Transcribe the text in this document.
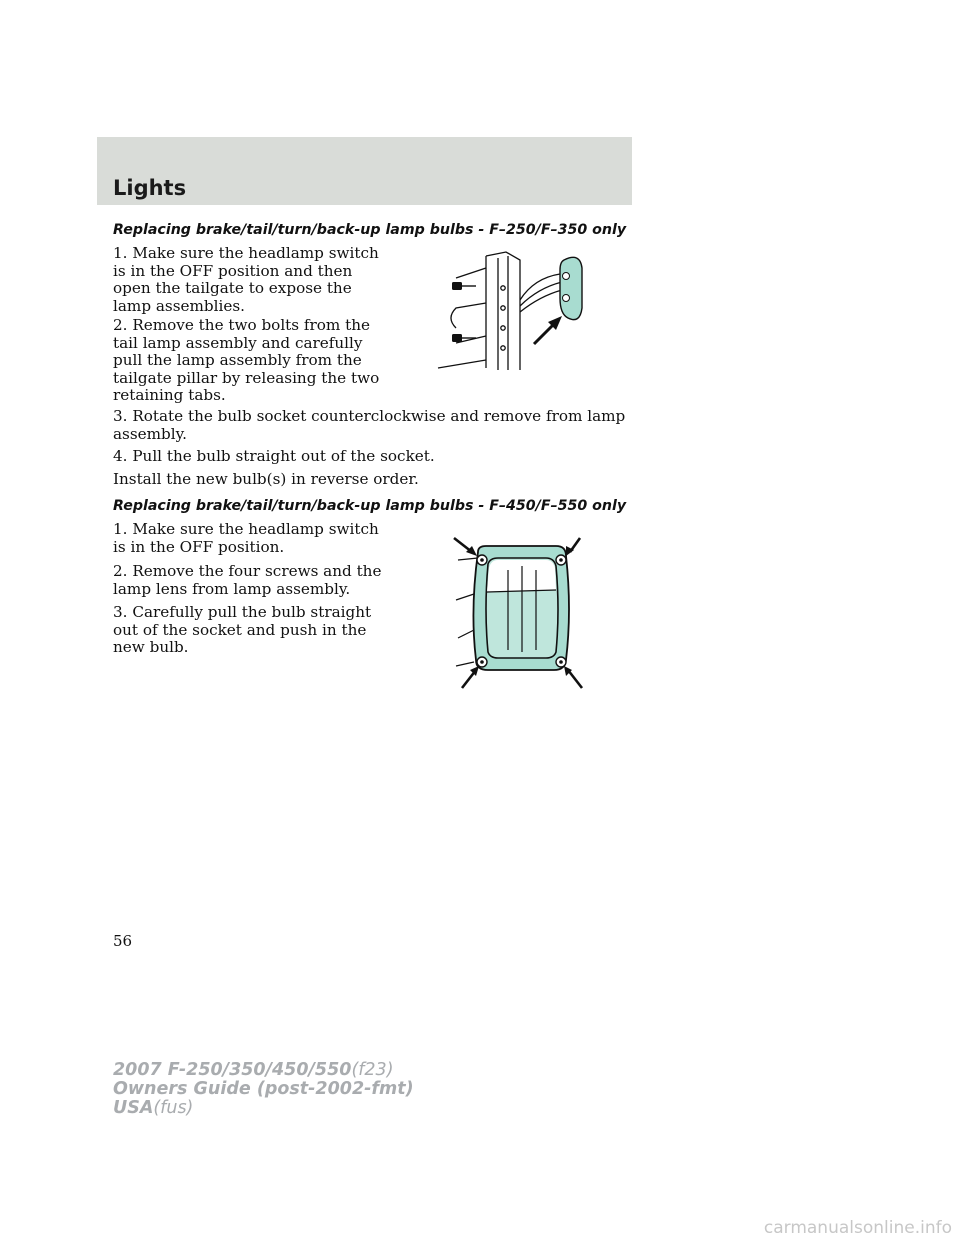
Lights
Replacing brake/tail/turn/back-up lamp bulbs - F–250/F–350 only

1. Make sure the headlamp switch is in the OFF position and then open the tailgate to expose the lamp assemblies.

2. Remove the two bolts from the tail lamp assembly and carefully pull the lamp assembly from the tailgate pillar by releasing the two retaining tabs.

3. Rotate the bulb socket counterclockwise and remove from lamp assembly.

4. Pull the bulb straight out of the socket.

Install the new bulb(s) in reverse order.

Replacing brake/tail/turn/back-up lamp bulbs - F–450/F–550 only

1. Make sure the headlamp switch is in the OFF position.

2. Remove the four screws and the lamp lens from lamp assembly.

3. Carefully pull the bulb straight out of the socket and push in the new bulb.

56

2007 F-250/350/450/550(f23)
Owners Guide (post-2002-fmt)
USA(fus)
carmanualsonline.info
